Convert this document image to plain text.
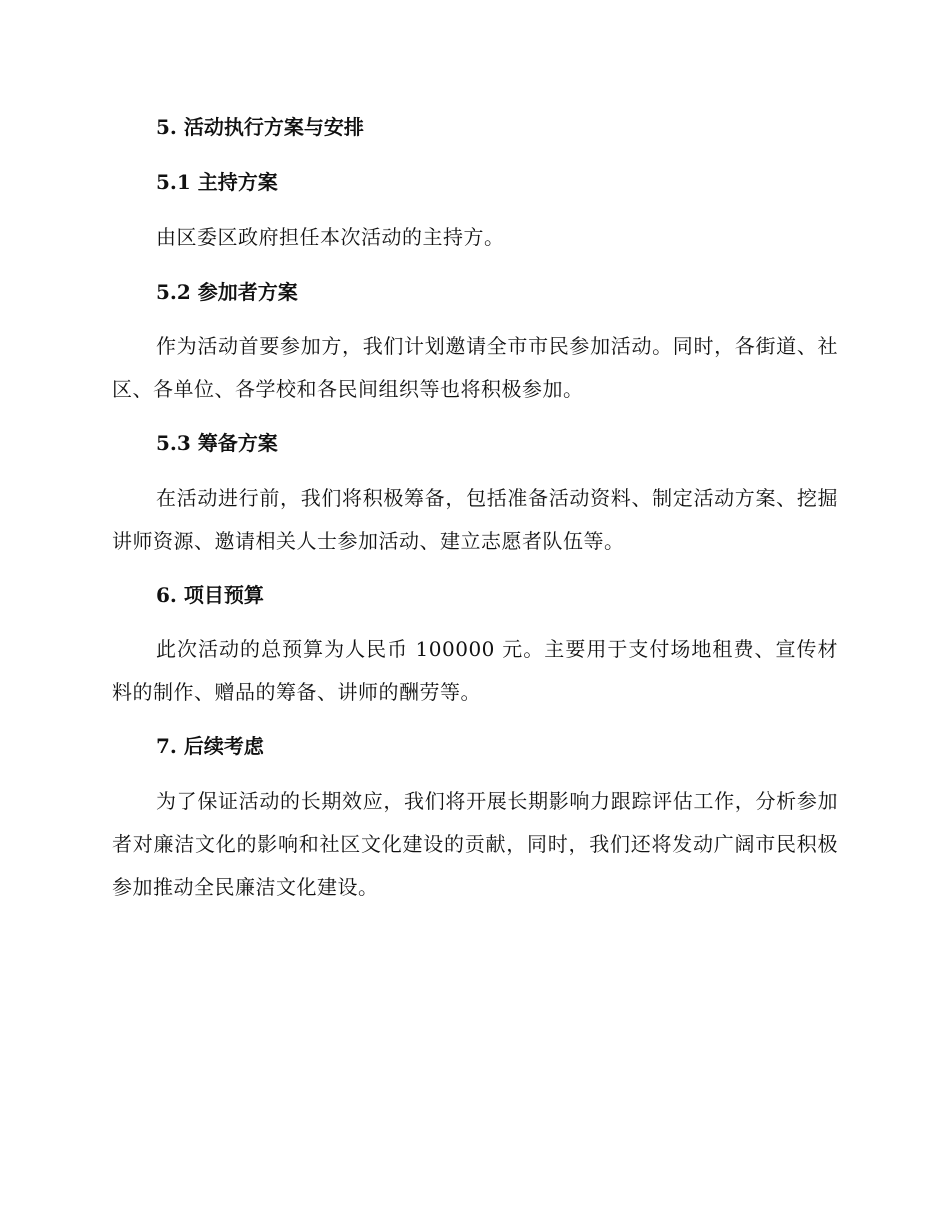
5. 活动执行方案与安排
5.1 主持方案

由区委区政府担任本次活动的主持方。

5.2 参加者方案

作为活动首要参加方，我们计划邀请全市市民参加活动。同时，各街道、社区、各单位、各学校和各民间组织等也将积极参加。

5.3 筹备方案

在活动进行前，我们将积极筹备，包括准备活动资料、制定活动方案、挖掘讲师资源、邀请相关人士参加活动、建立志愿者队伍等。

6. 项目预算

此次活动的总预算为人民币 100000 元。主要用于支付场地租费、宣传材料的制作、赠品的筹备、讲师的酬劳等。

7. 后续考虑

为了保证活动的长期效应，我们将开展长期影响力跟踪评估工作，分析参加者对廉洁文化的影响和社区文化建设的贡献，同时，我们还将发动广阔市民积极参加推动全民廉洁文化建设。
